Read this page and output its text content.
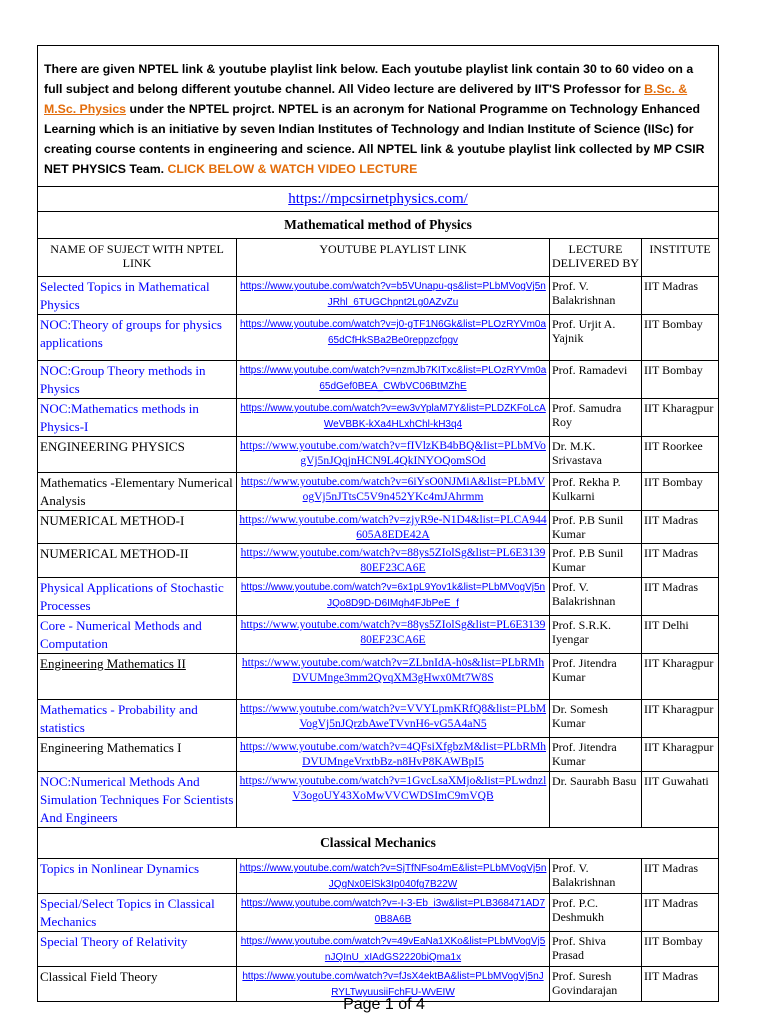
There are given NPTEL link & youtube playlist link below. Each youtube playlist link contain 30 to 60 video on a full subject and belong different youtube channel. All Video lecture are delivered by IIT'S Professor for B.Sc. & M.Sc. Physics under the NPTEL projrct. NPTEL is an acronym for National Programme on Technology Enhanced Learning which is an initiative by seven Indian Institutes of Technology and Indian Institute of Science (IISc) for creating course contents in engineering and science. All NPTEL link & youtube playlist link collected by MP CSIR NET PHYSICS Team. CLICK BELOW & WATCH VIDEO LECTURE			
https://mpcsirnetphysics.com/			
Mathematical method of Physics			
NAME OF SUJECT WITH NPTEL LINK	YOUTUBE PLAYLIST LINK	LECTURE DELIVERED BY	INSTITUTE
Selected Topics in Mathematical Physics	https://www.youtube.com/watch?v=b5VUnapu-qs&list=PLbMVogVj5nJRhl_6TUGChpnt2Lg0AZvZu	Prof. V. Balakrishnan	IIT Madras
NOC:Theory of groups for physics applications	https://www.youtube.com/watch?v=j0-gTF1N6Gk&list=PLOzRYVm0a65dCfHkSBa2Be0reppzcfpgv	Prof. Urjit A. Yajnik	IIT Bombay
NOC:Group Theory methods in Physics	https://www.youtube.com/watch?v=nzmJb7KITxc&list=PLOzRYVm0a65dGef0BEA_CWbVC06BtMZhE	Prof. Ramadevi	IIT Bombay
NOC:Mathematics methods in Physics-I	https://www.youtube.com/watch?v=ew3vYplaM7Y&list=PLDZKFoLcAWeVBBK-kXa4HLxhChl-kH3q4	Prof. Samudra Roy	IIT Kharagpur
ENGINEERING PHYSICS	https://www.youtube.com/watch?v=fIVlzKB4bBQ&list=PLbMVogVj5nJQqjnHCN9L4QkINYOQomSOd	Dr. M.K. Srivastava	IIT Roorkee
Mathematics -Elementary Numerical Analysis	https://www.youtube.com/watch?v=6iYsO0NJMiA&list=PLbMVogVj5nJTtsC5V9n452YKc4mJAhrmm	Prof. Rekha P. Kulkarni	IIT Bombay
NUMERICAL METHOD-I	https://www.youtube.com/watch?v=zjyR9e-N1D4&list=PLCA944605A8EDE42A	Prof. P.B Sunil Kumar	IIT Madras
NUMERICAL METHOD-II	https://www.youtube.com/watch?v=88ys5ZIolSg&list=PL6E313980EF23CA6E	Prof. P.B Sunil Kumar	IIT Madras
Physical Applications of Stochastic Processes	https://www.youtube.com/watch?v=6x1pL9Yov1k&list=PLbMVogVj5nJQo8D9D-D6IMqh4FJbPeE_f	Prof. V. Balakrishnan	IIT Madras
Core - Numerical Methods and Computation	https://www.youtube.com/watch?v=88ys5ZIolSg&list=PL6E313980EF23CA6E	Prof. S.R.K. Iyengar	IIT Delhi
Engineering Mathematics II	https://www.youtube.com/watch?v=ZLbnIdA-h0s&list=PLbRMhDVUMnge3mm2QvqXM3gHwx0Mt7W8S	Prof. Jitendra Kumar	IIT Kharagpur
Mathematics - Probability and statistics	https://www.youtube.com/watch?v=VVYLpmKRfQ8&list=PLbMVogVj5nJQrzbAweTVvnH6-vG5A4aN5	Dr. Somesh Kumar	IIT Kharagpur
Engineering Mathematics I	https://www.youtube.com/watch?v=4QFsiXfgbzM&list=PLbRMhDVUMngeVrxtbBz-n8HvP8KAWBpI5	Prof. Jitendra Kumar	IIT Kharagpur
NOC:Numerical Methods And Simulation Techniques For Scientists And Engineers	https://www.youtube.com/watch?v=1GvcLsaXMjo&list=PLwdnzlV3ogoUY43XoMwVVCWDSImC9mVQB	Dr. Saurabh Basu	IIT Guwahati
Classical Mechanics			
Topics in Nonlinear Dynamics	https://www.youtube.com/watch?v=SjTfNFso4mE&list=PLbMVogVj5nJQgNx0ElSk3Ip040fg7B22W	Prof. V. Balakrishnan	IIT Madras
Special/Select Topics in Classical Mechanics	https://www.youtube.com/watch?v=-I-3-Eb_i3w&list=PLB368471AD70B8A6B	Prof. P.C. Deshmukh	IIT Madras
Special Theory of Relativity	https://www.youtube.com/watch?v=49vEaNa1XKo&list=PLbMVogVj5nJQInU_xIAdGS2220biQma1x	Prof. Shiva Prasad	IIT Bombay
Classical Field Theory	https://www.youtube.com/watch?v=fJsX4ektBA&list=PLbMVogVj5nJRYLTwyuusiiFchFU-WvEIW	Prof. Suresh Govindarajan	IIT Madras
Page 1 of 4
